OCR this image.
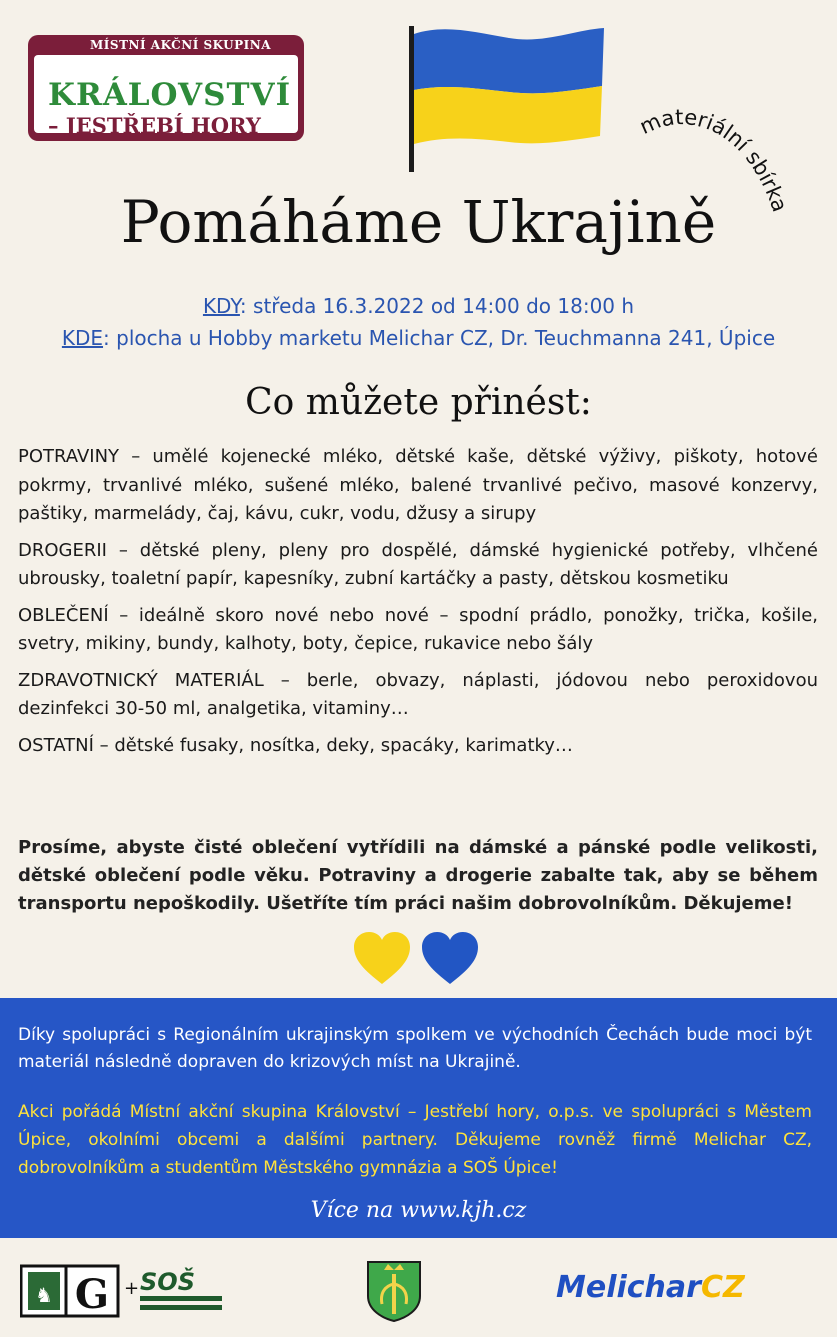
MÍSTNÍ AKČNÍ SKUPINA
KRÁLOVSTVÍ
– JESTŘEBÍ HORY	materiální sbírka
Pomáháme Ukrajině
KDY: středa 16.3.2022 od 14:00 do 18:00 h
KDE: plocha u Hobby marketu Melichar CZ, Dr. Teuchmanna 241, Úpice
Co můžete přinést:
POTRAVINY – umělé kojenecké mléko, dětské kaše, dětské výživy, piškoty, hotové pokrmy, trvanlivé mléko, sušené mléko, balené trvanlivé pečivo, masové konzervy, paštiky, marmelády, čaj, kávu, cukr, vodu, džusy a sirupy
DROGERII – dětské pleny, pleny pro dospělé, dámské hygienické potřeby, vlhčené ubrousky, toaletní papír, kapesníky, zubní kartáčky a pasty, dětskou kosmetiku
OBLEČENÍ – ideálně skoro nové nebo nové – spodní prádlo, ponožky, trička, košile, svetry, mikiny, bundy, kalhoty, boty, čepice, rukavice nebo šály
ZDRAVOTNICKÝ MATERIÁL – berle, obvazy, náplasti, jódovou nebo peroxidovou dezinfekci 30-50 ml, analgetika, vitaminy…
OSTATNÍ – dětské fusaky, nosítka, deky, spacáky, karimatky…
Prosíme, abyste čisté oblečení vytřídili na dámské a pánské podle velikosti, dětské oblečení podle věku. Potraviny a drogerie zabalte tak, aby se během transportu nepoškodily. Ušetříte tím práci našim dobrovolníkům. Děkujeme!
Díky spolupráci s Regionálním ukrajinským spolkem ve východních Čechách bude moci být materiál následně dopraven do krizových míst na Ukrajině.
Akci pořádá Místní akční skupina Království – Jestřebí hory, o.p.s. ve spolupráci s Městem Úpice, okolními obcemi a dalšími partnery. Děkujeme rovněž firmě Melichar CZ, dobrovolníkům a studentům Městského gymnázia a SOŠ Úpice!
Více na www.kjh.cz
♞ G + SOŠ	MelicharCZ
